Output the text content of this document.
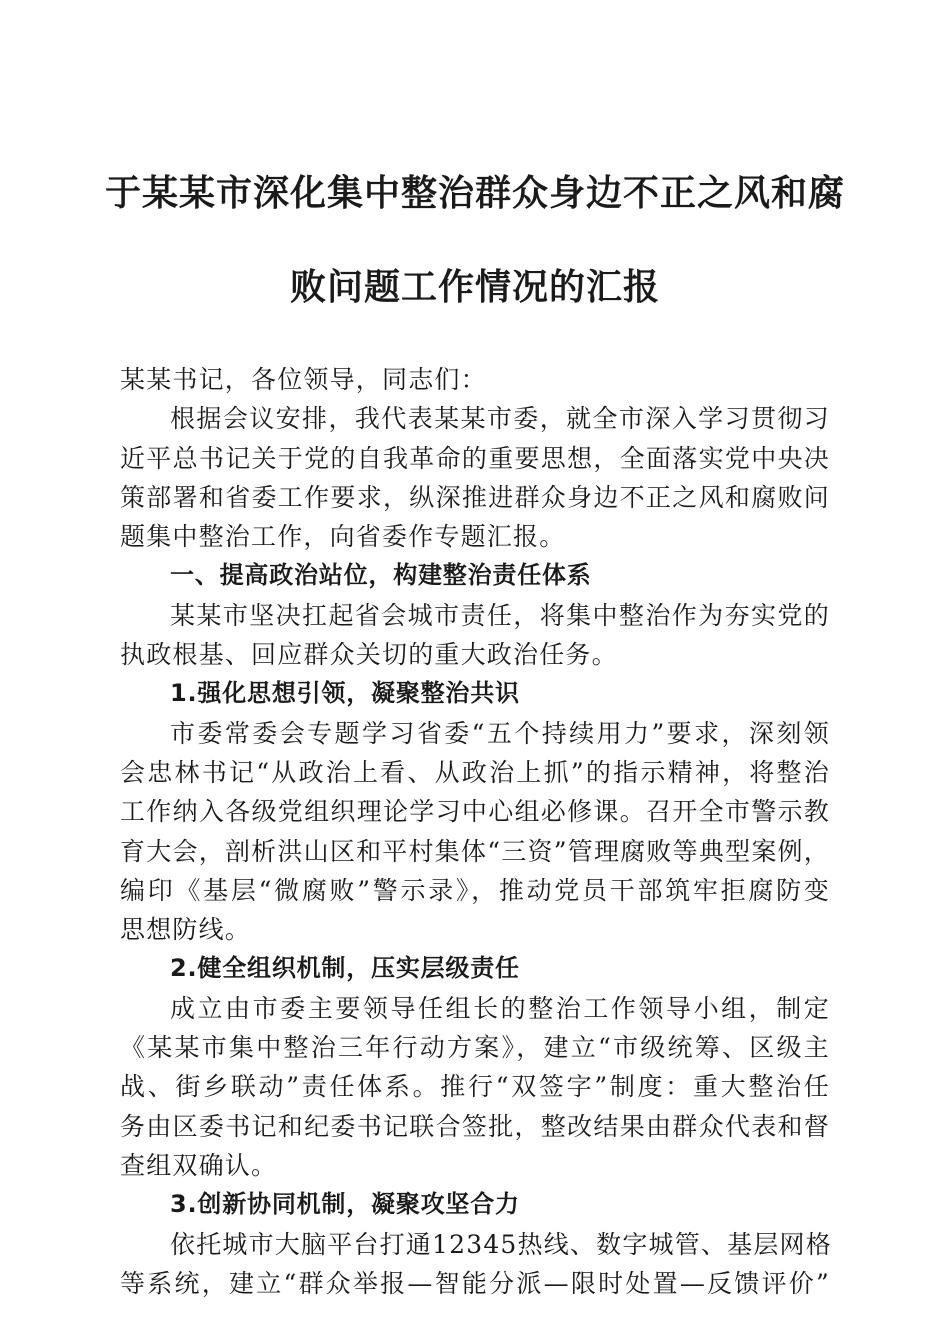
于某某市深化集中整治群众身边不正之风和腐
败问题工作情况的汇报
某某书记，各位领导，同志们：
根据会议安排，我代表某某市委，就全市深入学习贯彻习
近平总书记关于党的自我革命的重要思想，全面落实党中央决
策部署和省委工作要求，纵深推进群众身边不正之风和腐败问
题集中整治工作，向省委作专题汇报。
一、提高政治站位，构建整治责任体系
某某市坚决扛起省会城市责任，将集中整治作为夯实党的
执政根基、回应群众关切的重大政治任务。
1.强化思想引领，凝聚整治共识
市委常委会专题学习省委“五个持续用力”要求，深刻领
会忠林书记“从政治上看、从政治上抓”的指示精神，将整治
工作纳入各级党组织理论学习中心组必修课。召开全市警示教
育大会，剖析洪山区和平村集体“三资”管理腐败等典型案例，
编印《基层“微腐败”警示录》，推动党员干部筑牢拒腐防变
思想防线。
2.健全组织机制，压实层级责任
成立由市委主要领导任组长的整治工作领导小组，制定
《某某市集中整治三年行动方案》，建立“市级统筹、区级主
战、街乡联动”责任体系。推行“双签字”制度：重大整治任
务由区委书记和纪委书记联合签批，整改结果由群众代表和督
查组双确认。
3.创新协同机制，凝聚攻坚合力
依托城市大脑平台打通12345热线、数字城管、基层网格
等系统，建立“群众举报—智能分派—限时处置—反馈评价”
